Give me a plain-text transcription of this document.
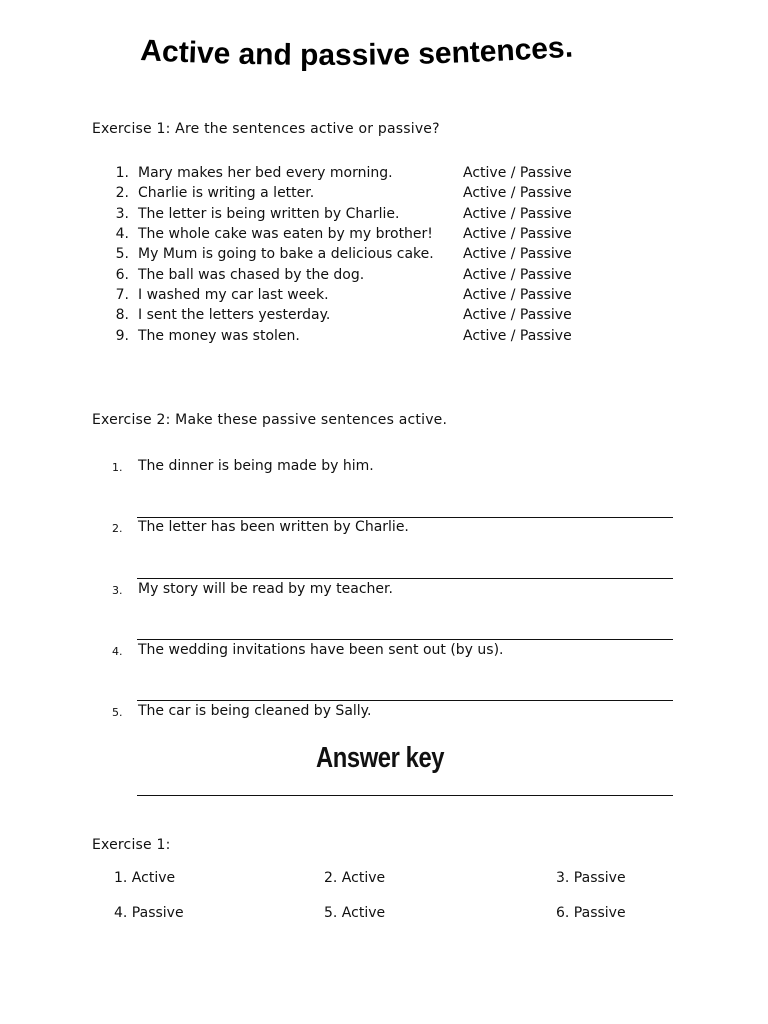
Active and passive sentences.
Exercise 1: Are the sentences active or passive?
1. Mary makes her bed every morning.	Active / Passive
2. Charlie is writing a letter.	Active / Passive
3. The letter is being written by Charlie.	Active / Passive
4. The whole cake was eaten by my brother!	Active / Passive
5. My Mum is going to bake a delicious cake.	Active / Passive
6. The ball was chased by the dog.	Active / Passive
7. I washed my car last week.	Active / Passive
8. I sent the letters yesterday.	Active / Passive
9. The money was stolen.	Active / Passive
Exercise 2: Make these passive sentences active.
1. The dinner is being made by him.
2. The letter has been written by Charlie.
3. My story will be read by my teacher.
4. The wedding invitations have been sent out (by us).
5. The car is being cleaned by Sally.
Answer key
Exercise 1:
1. Active	2. Active	3. Passive
4. Passive	5. Active	6. Passive
